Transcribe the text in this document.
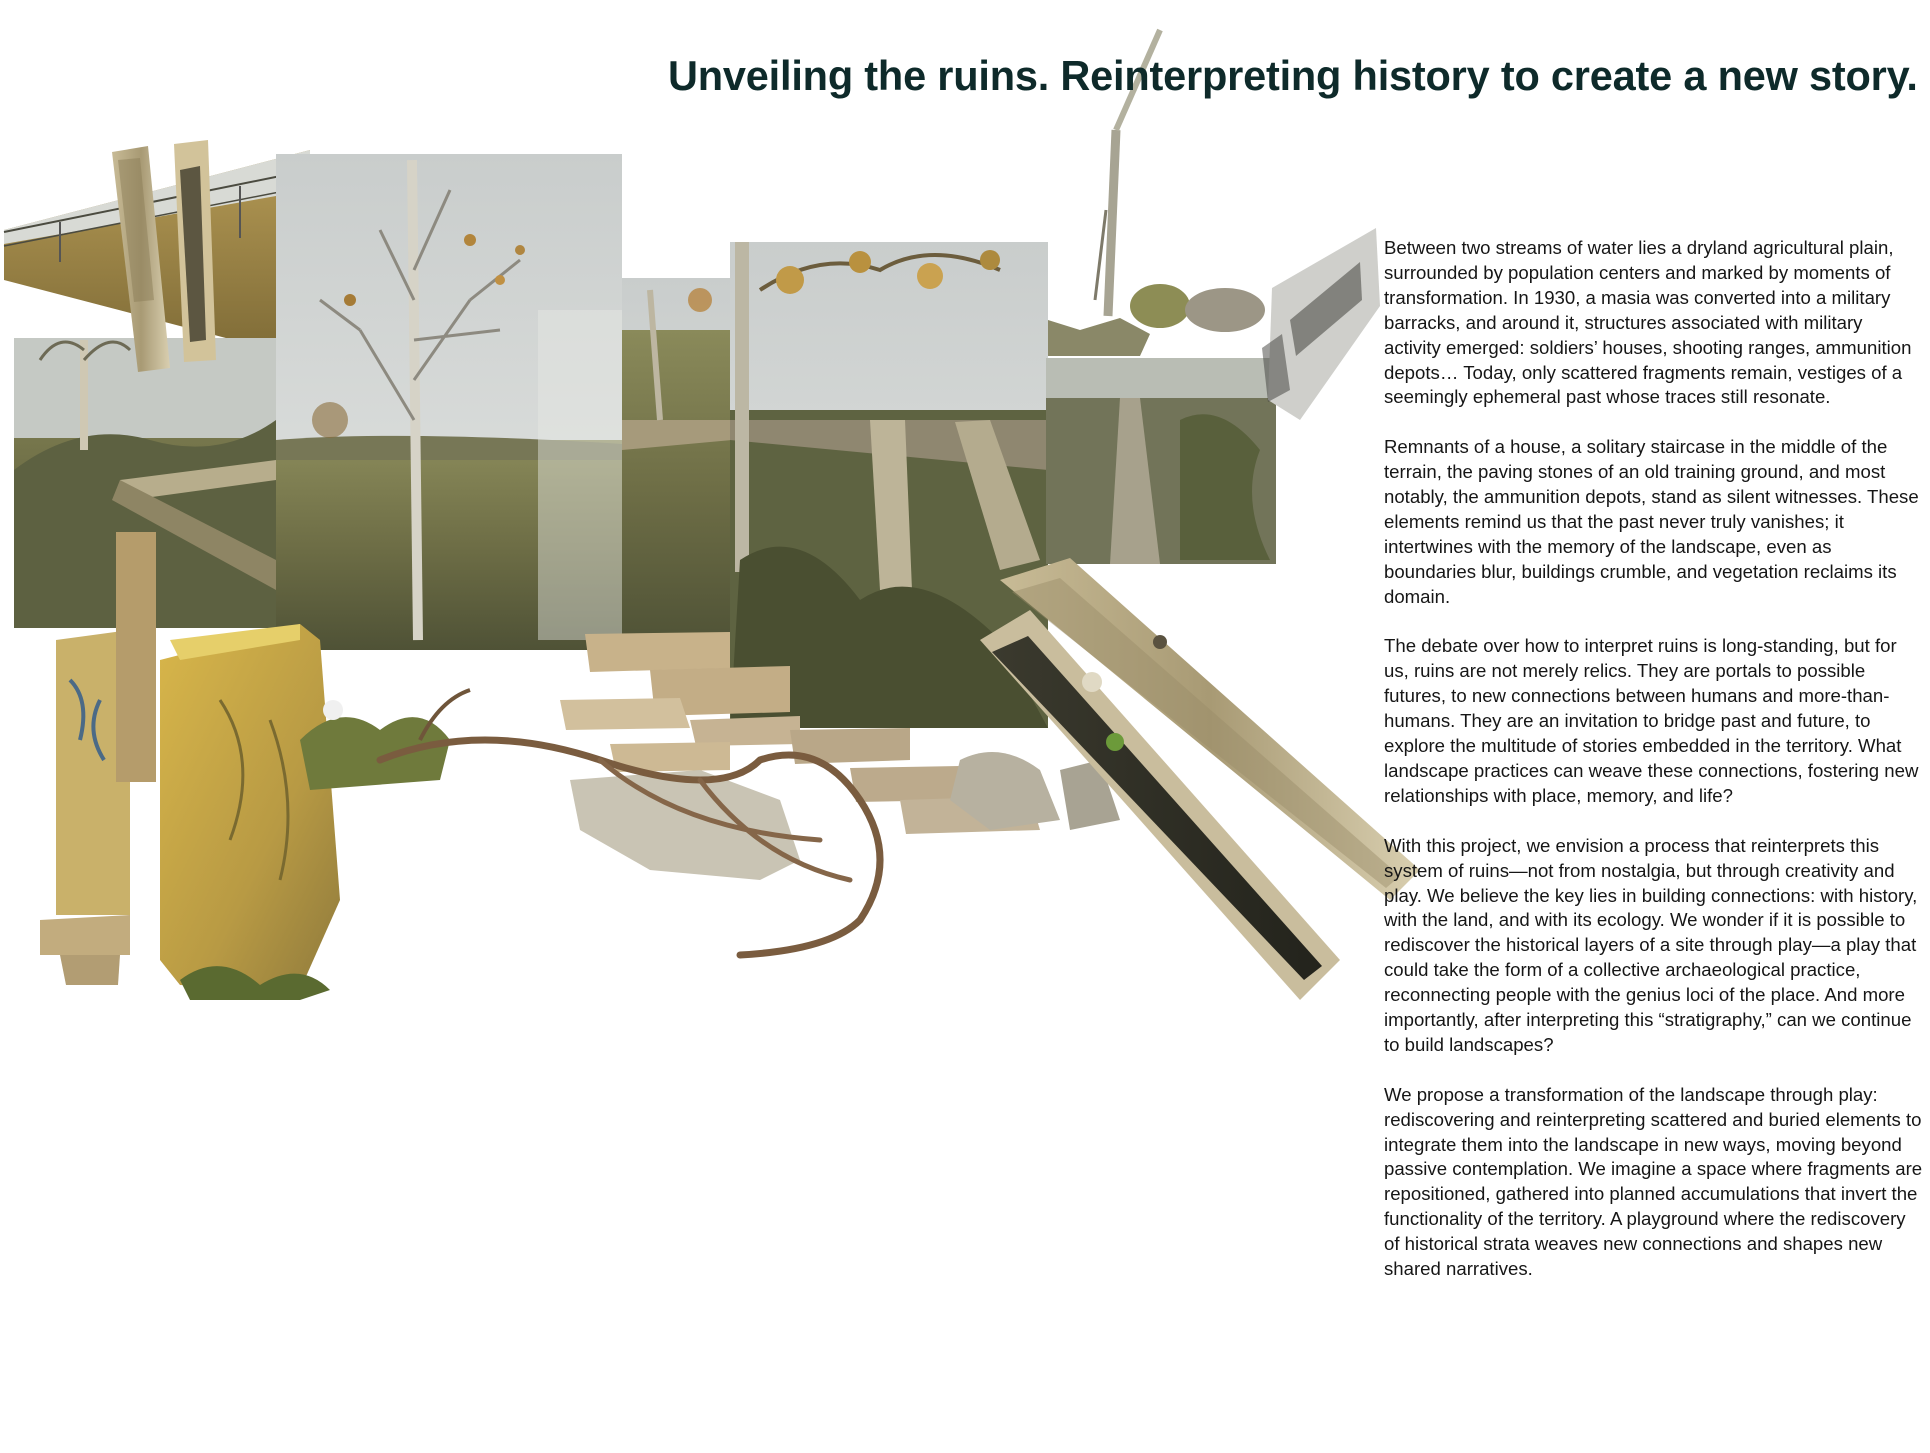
Unveiling the ruins. Reinterpreting history to create a new story.

Between two streams of water lies a dryland agricultural plain, surrounded by population centers and marked by moments of transformation. In 1930, a masia was converted into a military barracks, and around it, structures associated with military activity emerged: soldiers’ houses, shooting ranges, ammunition depots… Today, only scattered fragments remain, vestiges of a seemingly ephemeral past whose traces still resonate.

Remnants of a house, a solitary staircase in the middle of the terrain, the paving stones of an old training ground, and most notably, the ammunition depots, stand as silent witnesses. These elements remind us that the past never truly vanishes; it intertwines with the memory of the landscape, even as boundaries blur, buildings crumble, and vegetation reclaims its domain.

The debate over how to interpret ruins is long-standing, but for us, ruins are not merely relics. They are portals to possible futures, to new connections between humans and more-than-humans. They are an invitation to bridge past and future, to explore the multitude of stories embedded in the territory. What landscape practices can weave these connections, fostering new relationships with place, memory, and life?

With this project, we envision a process that reinterprets this system of ruins—not from nostalgia, but through creativity and play. We believe the key lies in building connections: with history, with the land, and with its ecology. We wonder if it is possible to rediscover the historical layers of a site through play—a play that could take the form of a collective archaeological practice, reconnecting people with the genius loci of the place. And more importantly, after interpreting this “stratigraphy,” can we continue to build landscapes?

We propose a transformation of the landscape through play: rediscovering and reinterpreting scattered and buried elements to integrate them into the landscape in new ways, moving beyond passive contemplation. We imagine a space where fragments are repositioned, gathered into planned accumulations that invert the functionality of the territory. A playground where the rediscovery of historical strata weaves new connections and shapes new shared narratives.
